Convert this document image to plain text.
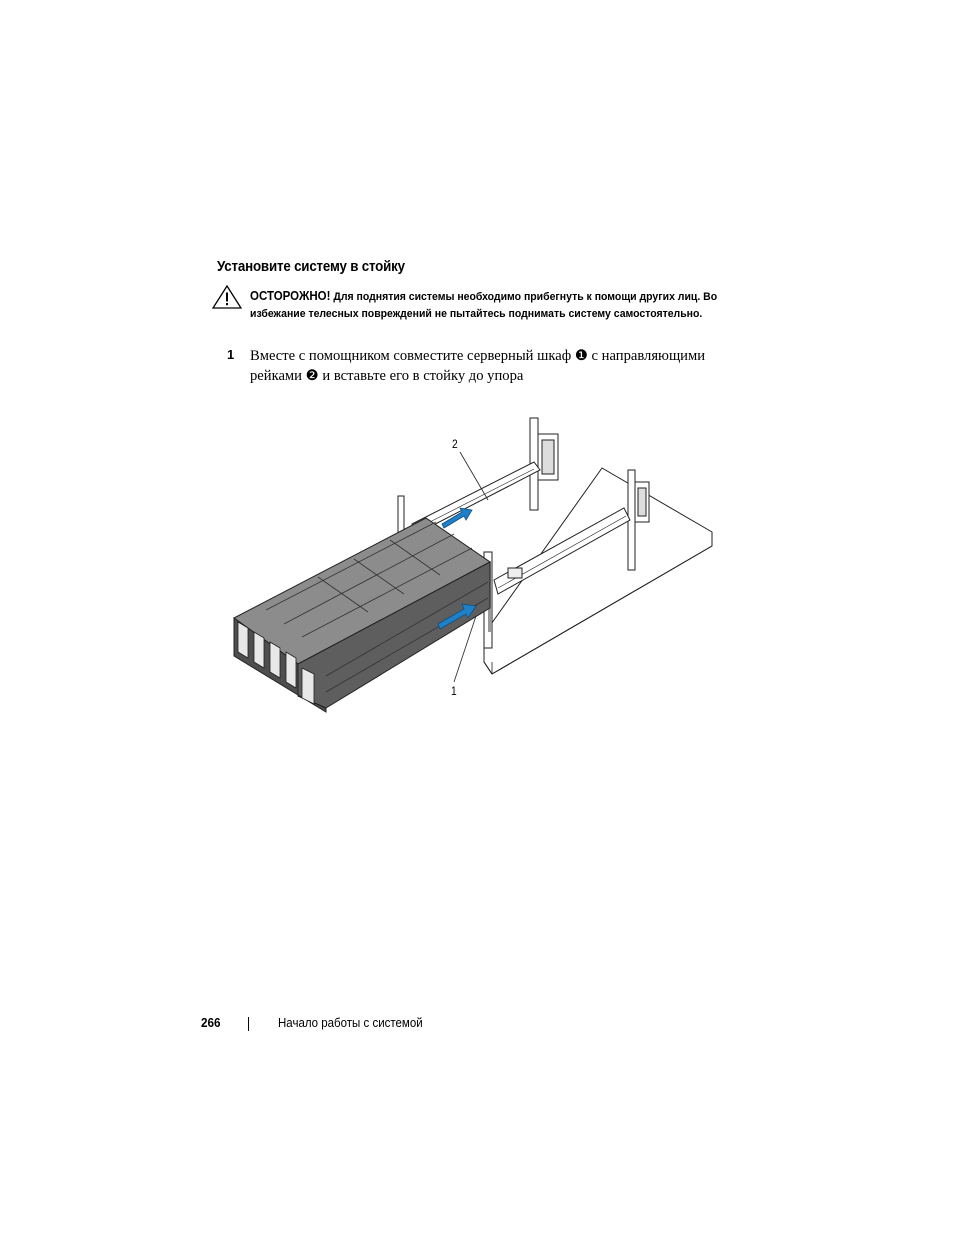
Установите систему в стойку
ОСТОРОЖНО! Для поднятия системы необходимо прибегнуть к помощи других лиц. Во избежание телесных повреждений не пытайтесь поднимать систему самостоятельно.
1 Вместе с помощником совместите серверный шкаф ❶ с направляющими рейками ❷ и вставьте его в стойку до упора
2
1
266	Начало работы с системой
